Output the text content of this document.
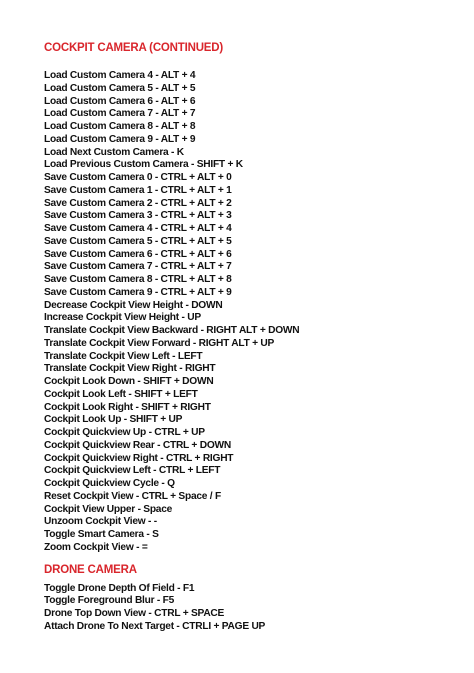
COCKPIT CAMERA (CONTINUED)
Load Custom Camera 4 - ALT + 4
Load Custom Camera 5 - ALT + 5
Load Custom Camera 6 - ALT + 6
Load Custom Camera 7 - ALT + 7
Load Custom Camera 8 - ALT + 8
Load Custom Camera 9 - ALT + 9
Load Next Custom Camera - K
Load Previous Custom Camera - SHIFT + K
Save Custom Camera 0 - CTRL + ALT + 0
Save Custom Camera 1 - CTRL + ALT + 1
Save Custom Camera 2 - CTRL + ALT + 2
Save Custom Camera 3 - CTRL + ALT + 3
Save Custom Camera 4 - CTRL + ALT + 4
Save Custom Camera 5 - CTRL + ALT + 5
Save Custom Camera 6 - CTRL + ALT + 6
Save Custom Camera 7 - CTRL + ALT + 7
Save Custom Camera 8 - CTRL + ALT + 8
Save Custom Camera 9 - CTRL + ALT + 9
Decrease Cockpit View Height - DOWN
Increase Cockpit View Height - UP
Translate Cockpit View Backward - RIGHT ALT + DOWN
Translate Cockpit View Forward - RIGHT ALT + UP
Translate Cockpit View Left - LEFT
Translate Cockpit View Right - RIGHT
Cockpit Look Down - SHIFT + DOWN
Cockpit Look Left - SHIFT + LEFT
Cockpit Look Right - SHIFT + RIGHT
Cockpit Look Up - SHIFT + UP
Cockpit Quickview Up - CTRL + UP
Cockpit Quickview Rear - CTRL + DOWN
Cockpit Quickview Right - CTRL + RIGHT
Cockpit Quickview Left - CTRL + LEFT
Cockpit Quickview Cycle - Q
Reset Cockpit View - CTRL + Space / F
Cockpit View Upper - Space
Unzoom Cockpit View - -
Toggle Smart Camera - S
Zoom Cockpit View - =
DRONE CAMERA
Toggle Drone Depth Of Field - F1
Toggle Foreground Blur - F5
Drone Top Down View - CTRL + SPACE
Attach Drone To Next Target - CTRLI + PAGE UP
